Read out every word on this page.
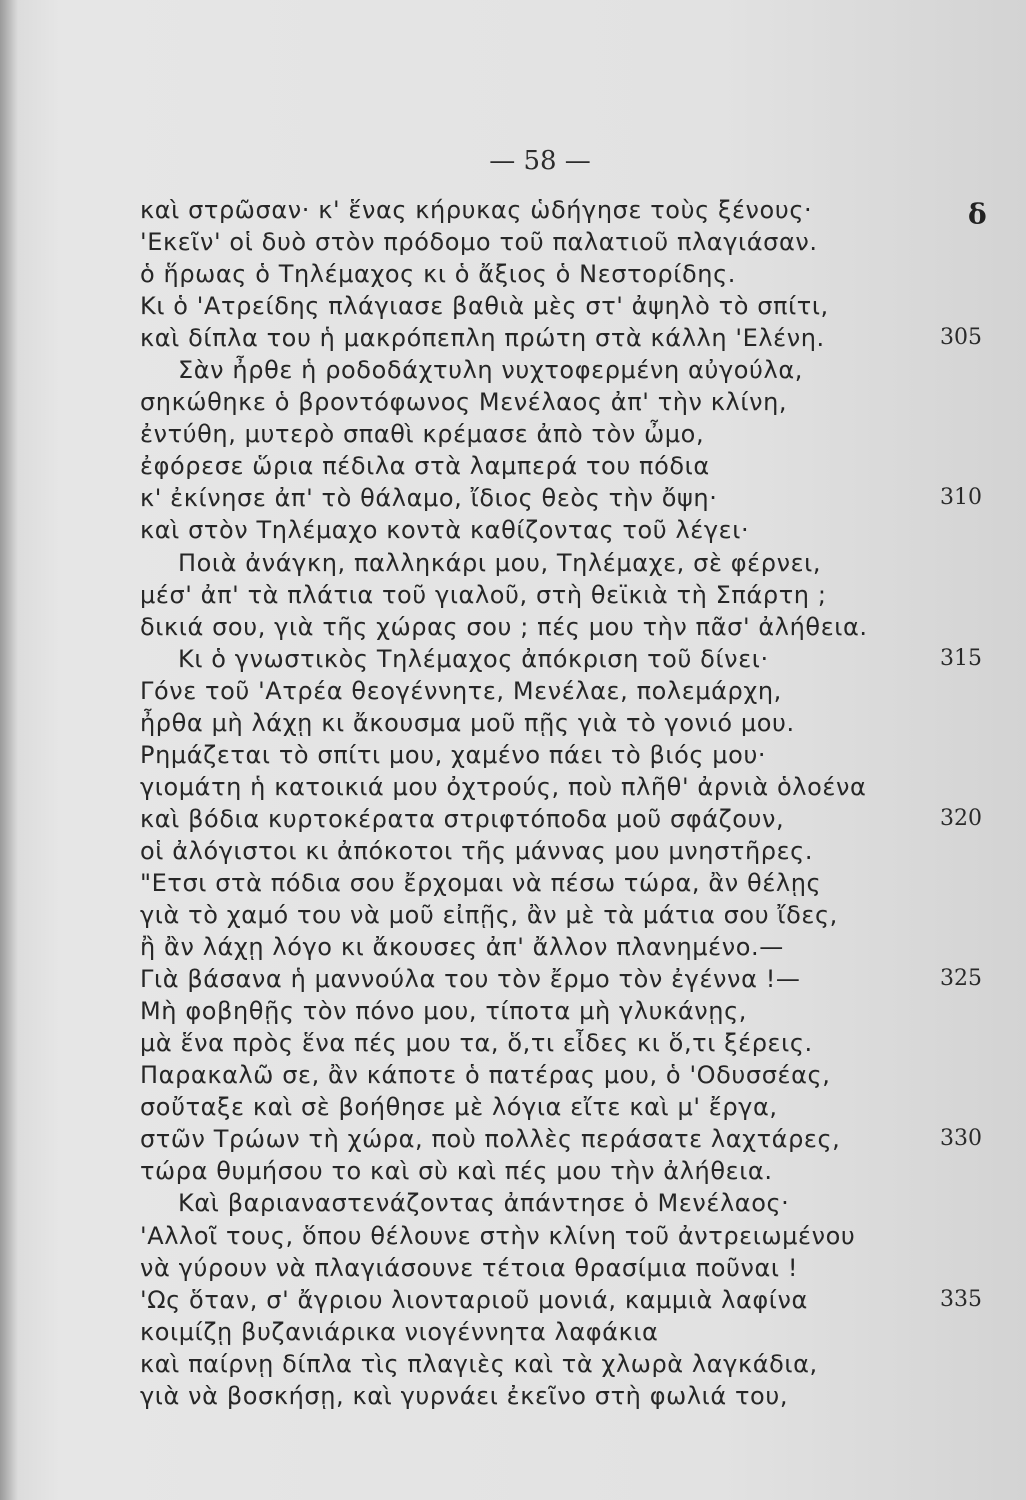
— 58 —
δ
καὶ στρῶσαν· κ' ἕνας κήρυκας ὡδήγησε τοὺς ξένους·
'Εκεῖν' οἱ δυὸ στὸν πρόδομο τοῦ παλατιοῦ πλαγιάσαν.
ὁ ἥρωας ὁ Τηλέμαχος κι ὁ ἄξιος ὁ Νεστορίδης.
Κι ὁ 'Ατρείδης πλάγιασε βαθιὰ μὲς στ' ἀψηλὸ τὸ σπίτι,
καὶ δίπλα του ἡ μακρόπεπλη πρώτη στὰ κάλλη 'Ελένη.	305
Σὰν ἦρθε ἡ ροδοδάχτυλη νυχτοφερμένη αὐγούλα,
σηκώθηκε ὁ βροντόφωνος Μενέλαος ἀπ' τὴν κλίνη,
ἐντύθη, μυτερὸ σπαθὶ κρέμασε ἀπὸ τὸν ὦμο,
ἐφόρεσε ὥρια πέδιλα στὰ λαμπερά του πόδια
κ' ἐκίνησε ἀπ' τὸ θάλαμο, ἴδιος θεὸς τὴν ὄψη·	310
καὶ στὸν Τηλέμαχο κοντὰ καθίζοντας τοῦ λέγει·
Ποιὰ ἀνάγκη, παλληκάρι μου, Τηλέμαχε, σὲ φέρνει,
μέσ' ἀπ' τὰ πλάτια τοῦ γιαλοῦ, στὴ θεϊκιὰ τὴ Σπάρτη ;
δικιά σου, γιὰ τῆς χώρας σου ; πές μου τὴν πᾶσ' ἀλήθεια.
Κι ὁ γνωστικὸς Τηλέμαχος ἀπόκριση τοῦ δίνει·	315
Γόνε τοῦ 'Ατρέα θεογέννητε, Μενέλαε, πολεμάρχη,
ἦρθα μὴ λάχῃ κι ἄκουσμα μοῦ πῇς γιὰ τὸ γονιό μου.
Ρημάζεται τὸ σπίτι μου, χαμένο πάει τὸ βιός μου·
γιομάτη ἡ κατοικιά μου ὀχτρούς, ποὺ πλῆθ' ἀρνιὰ ὁλοένα
καὶ βόδια κυρτοκέρατα στριφτόποδα μοῦ σφάζουν,	320
οἱ ἀλόγιστοι κι ἀπόκοτοι τῆς μάννας μου μνηστῆρες.
"Ετσι στὰ πόδια σου ἔρχομαι νὰ πέσω τώρα, ἂν θέλῃς
γιὰ τὸ χαμό του νὰ μοῦ εἰπῇς, ἂν μὲ τὰ μάτια σου ἴδες,
ἢ ἂν λάχῃ λόγο κι ἄκουσες ἀπ' ἄλλον πλανημένο.—
Γιὰ βάσανα ἡ μαννούλα του τὸν ἔρμο τὸν ἐγέννα !—	325
Μὴ φοβηθῇς τὸν πόνο μου, τίποτα μὴ γλυκάνῃς,
μὰ ἕνα πρὸς ἕνα πές μου τα, ὅ,τι εἶδες κι ὅ,τι ξέρεις.
Παρακαλῶ σε, ἂν κάποτε ὁ πατέρας μου, ὁ 'Οδυσσέας,
σοὔταξε καὶ σὲ βοήθησε μὲ λόγια εἴτε καὶ μ' ἔργα,
στῶν Τρώων τὴ χώρα, ποὺ πολλὲς περάσατε λαχτάρες,	330
τώρα θυμήσου το καὶ σὺ καὶ πές μου τὴν ἀλήθεια.
Καὶ βαριαναστενάζοντας ἀπάντησε ὁ Μενέλαος·
'Αλλοῖ τους, ὅπου θέλουνε στὴν κλίνη τοῦ ἀντρειωμένου
νὰ γύρουν νὰ πλαγιάσουνε τέτοια θρασίμια ποῦναι !
'Ως ὅταν, σ' ἄγριου λιονταριοῦ μονιά, καμμιὰ λαφίνα	335
κοιμίζῃ βυζανιάρικα νιογέννητα λαφάκια
καὶ παίρνῃ δίπλα τὶς πλαγιὲς καὶ τὰ χλωρὰ λαγκάδια,
γιὰ νὰ βοσκήσῃ, καὶ γυρνάει ἐκεῖνο στὴ φωλιά του,
